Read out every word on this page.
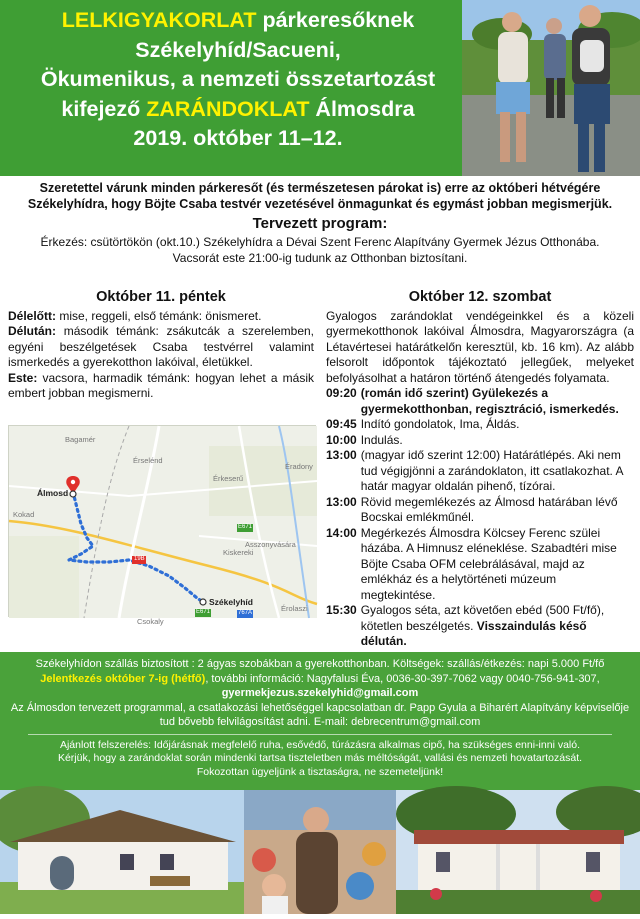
LELKIGYAKORLAT párkeresőknek
Székelyhíd/Sacueni,
Ökumenikus, a nemzeti összetartozást
kifejező ZARÁNDOKLAT Álmosdra
2019. október 11–12.
Szeretettel várunk minden párkeresőt (és természetesen párokat is) erre az októberi hétvégére
Székelyhídra, hogy Böjte Csaba testvér vezetésével önmagunkat és egymást jobban megismerjük.
Tervezett program:
Érkezés: csütörtökön (okt.10.) Székelyhídra a Dévai Szent Ferenc Alapítvány Gyermek Jézus Otthonába.
Vacsorát este 21:00-ig tudunk az Otthonban biztosítani.
Október 11. péntek
Délelőtt: mise, reggeli, első témánk: önismeret.
Délután: második témánk: zsákutcák a szerelemben, egyéni beszélgetések Csaba testvérrel valamint ismerkedés a gyerekotthon lakóival, életükkel.
Este: vacsora, harmadik témánk: hogyan lehet a másik embert jobban megismerni.
Bagamér
Érselénd
Álmosd
Kokad
Érkeserű
Éradony
Asszonyvására
Kiskereki
Székelyhíd
Csokaly
Érolaszi
E671
19B
E671	767A
Október 12. szombat
Gyalogos zarándoklat vendégeinkkel és a közeli gyermekotthonok lakóival Álmosdra, Magyarországra (a Létavértesei határátkelőn keresztül, kb. 16 km). Az alább felsorolt időpontok tájékoztató jellegűek, melyeket befolyásolhat a határon történő átengedés folyamata.
09:20 (román idő szerint) Gyülekezés a gyermekotthonban, regisztráció, ismerkedés.
09:45 Indító gondolatok, Ima, Áldás.
10:00 Indulás.
13:00 (magyar idő szerint 12:00) Határátlépés. Aki nem tud végigjönni a zarándoklaton, itt csatlakozhat. A határ magyar oldalán pihenő, tízórai.
13:00 Rövid megemlékezés az Álmosd határában lévő Bocskai emlékműnél.
14:00 Megérkezés Álmosdra Kölcsey Ferenc szülei házába. A Himnusz eléneklése. Szabadtéri mise Böjte Csaba OFM celebrálásával, majd az emlékház és a helytörténeti múzeum megtekintése.
15:30 Gyalogos séta, azt követően ebéd (500 Ft/fő), kötetlen beszélgetés. Visszaindulás késő délután.
Székelyhídon szállás biztosított : 2 ágyas szobákban a gyerekotthonban. Költségek: szállás/étkezés: napi 5.000 Ft/fő
Jelentkezés október 7-ig (hétfő), további információ: Nagyfalusi Éva, 0036-30-397-7062 vagy 0040-756-941-307,
gyermekjezus.szekelyhid@gmail.com
Az Álmosdon tervezett programmal, a csatlakozási lehetőséggel kapcsolatban dr. Papp Gyula a Biharért Alapítvány képviselője
tud bővebb felvilágosítást adni. E-mail: debrecentrum@gmail.com
Ajánlott felszerelés: Időjárásnak megfelelő ruha, esővédő, túrázásra alkalmas cipő, ha szükséges enni-inni való.
Kérjük, hogy a zarándoklat során mindenki tartsa tiszteletben más méltóságát, vallási és nemzeti hovatartozását.
Fokozottan ügyeljünk a tisztaságra, ne szemeteljünk!
